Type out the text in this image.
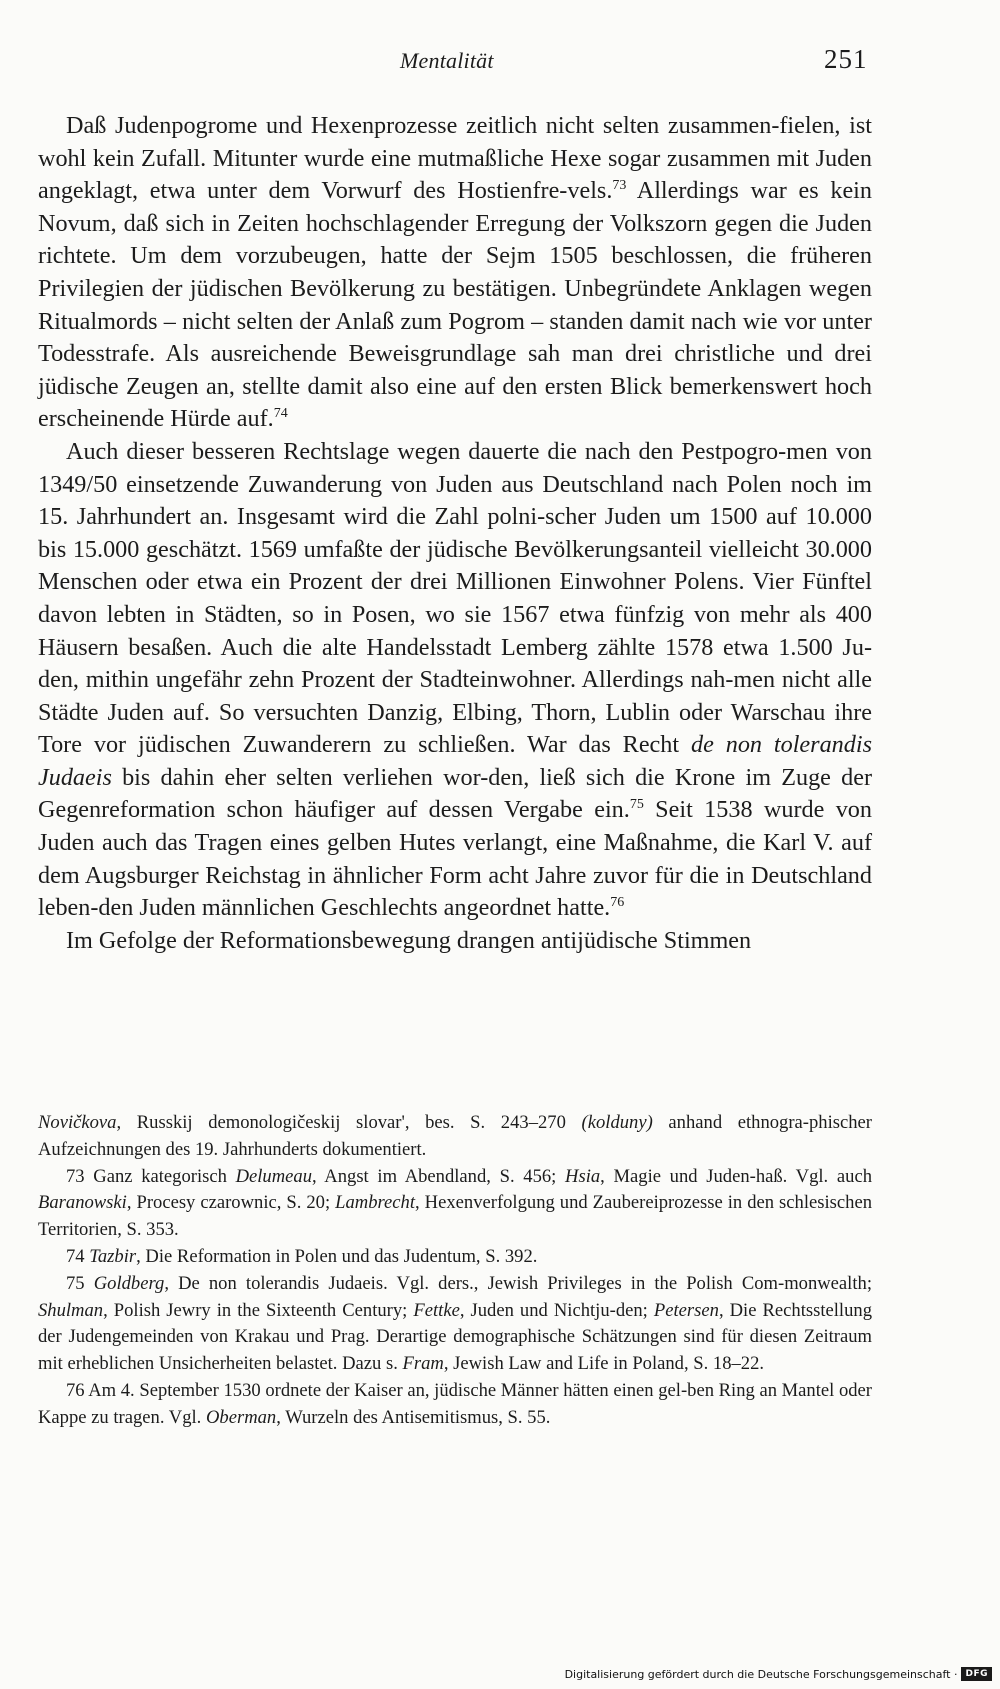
Mentalität	251

Daß Judenpogrome und Hexenprozesse zeitlich nicht selten zusammen-fielen, ist wohl kein Zufall. Mitunter wurde eine mutmaßliche Hexe sogar zusammen mit Juden angeklagt, etwa unter dem Vorwurf des Hostienfre-vels.$^{73}$ Allerdings war es kein Novum, daß sich in Zeiten hochschlagender Erregung der Volkszorn gegen die Juden richtete. Um dem vorzubeugen, hatte der Sejm 1505 beschlossen, die früheren Privilegien der jüdischen Bevölkerung zu bestätigen. Unbegründete Anklagen wegen Ritualmords – nicht selten der Anlaß zum Pogrom – standen damit nach wie vor unter Todesstrafe. Als ausreichende Beweisgrundlage sah man drei christliche und drei jüdische Zeugen an, stellte damit also eine auf den ersten Blick bemerkenswert hoch erscheinende Hürde auf.$^{74}$

Auch dieser besseren Rechtslage wegen dauerte die nach den Pestpogro-men von 1349/50 einsetzende Zuwanderung von Juden aus Deutschland nach Polen noch im 15. Jahrhundert an. Insgesamt wird die Zahl polni-scher Juden um 1500 auf 10.000 bis 15.000 geschätzt. 1569 umfaßte der jüdische Bevölkerungsanteil vielleicht 30.000 Menschen oder etwa ein Prozent der drei Millionen Einwohner Polens. Vier Fünftel davon lebten in Städten, so in Posen, wo sie 1567 etwa fünfzig von mehr als 400 Häusern besaßen. Auch die alte Handelsstadt Lemberg zählte 1578 etwa 1.500 Ju-den, mithin ungefähr zehn Prozent der Stadteinwohner. Allerdings nah-men nicht alle Städte Juden auf. So versuchten Danzig, Elbing, Thorn, Lublin oder Warschau ihre Tore vor jüdischen Zuwanderern zu schließen. War das Recht de non tolerandis Judaeis bis dahin eher selten verliehen wor-den, ließ sich die Krone im Zuge der Gegenreformation schon häufiger auf dessen Vergabe ein.$^{75}$ Seit 1538 wurde von Juden auch das Tragen eines gelben Hutes verlangt, eine Maßnahme, die Karl V. auf dem Augsburger Reichstag in ähnlicher Form acht Jahre zuvor für die in Deutschland leben-den Juden männlichen Geschlechts angeordnet hatte.$^{76}$

Im Gefolge der Reformationsbewegung drangen antijüdische Stimmen

Novičkova, Russkij demonologičeskij slovar', bes. S. 243–270 (kolduny) anhand ethnogra-phischer Aufzeichnungen des 19. Jahrhunderts dokumentiert.

73 Ganz kategorisch Delumeau, Angst im Abendland, S. 456; Hsia, Magie und Juden-haß. Vgl. auch Baranowski, Procesy czarownic, S. 20; Lambrecht, Hexenverfolgung und Zaubereiprozesse in den schlesischen Territorien, S. 353.

74 Tazbir, Die Reformation in Polen und das Judentum, S. 392.

75 Goldberg, De non tolerandis Judaeis. Vgl. ders., Jewish Privileges in the Polish Com-monwealth; Shulman, Polish Jewry in the Sixteenth Century; Fettke, Juden und Nichtju-den; Petersen, Die Rechtsstellung der Judengemeinden von Krakau und Prag. Derartige demographische Schätzungen sind für diesen Zeitraum mit erheblichen Unsicherheiten belastet. Dazu s. Fram, Jewish Law and Life in Poland, S. 18–22.

76 Am 4. September 1530 ordnete der Kaiser an, jüdische Männer hätten einen gel-ben Ring an Mantel oder Kappe zu tragen. Vgl. Oberman, Wurzeln des Antisemitismus, S. 55.

Digitalisierung gefördert durch die Deutsche Forschungsgemeinschaft · DFG
